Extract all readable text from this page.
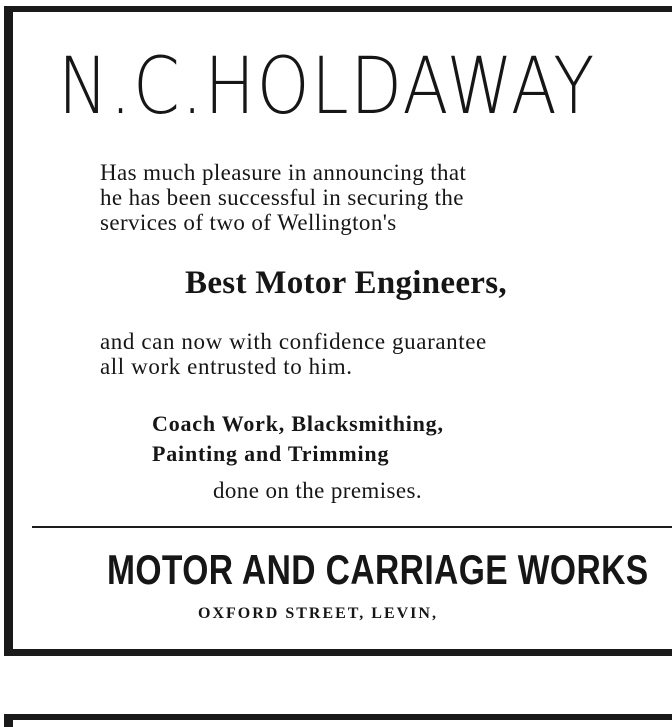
N.C.HOLDAWAY
Has much pleasure in announcing that
he has been successful in securing the
services of two of Wellington's
Best Motor Engineers,
and can now with confidence guarantee
all work entrusted to him.
Coach Work, Blacksmithing,
Painting and Trimming
done on the premises.
MOTOR AND CARRIAGE WORKS
OXFORD STREET, LEVIN,
